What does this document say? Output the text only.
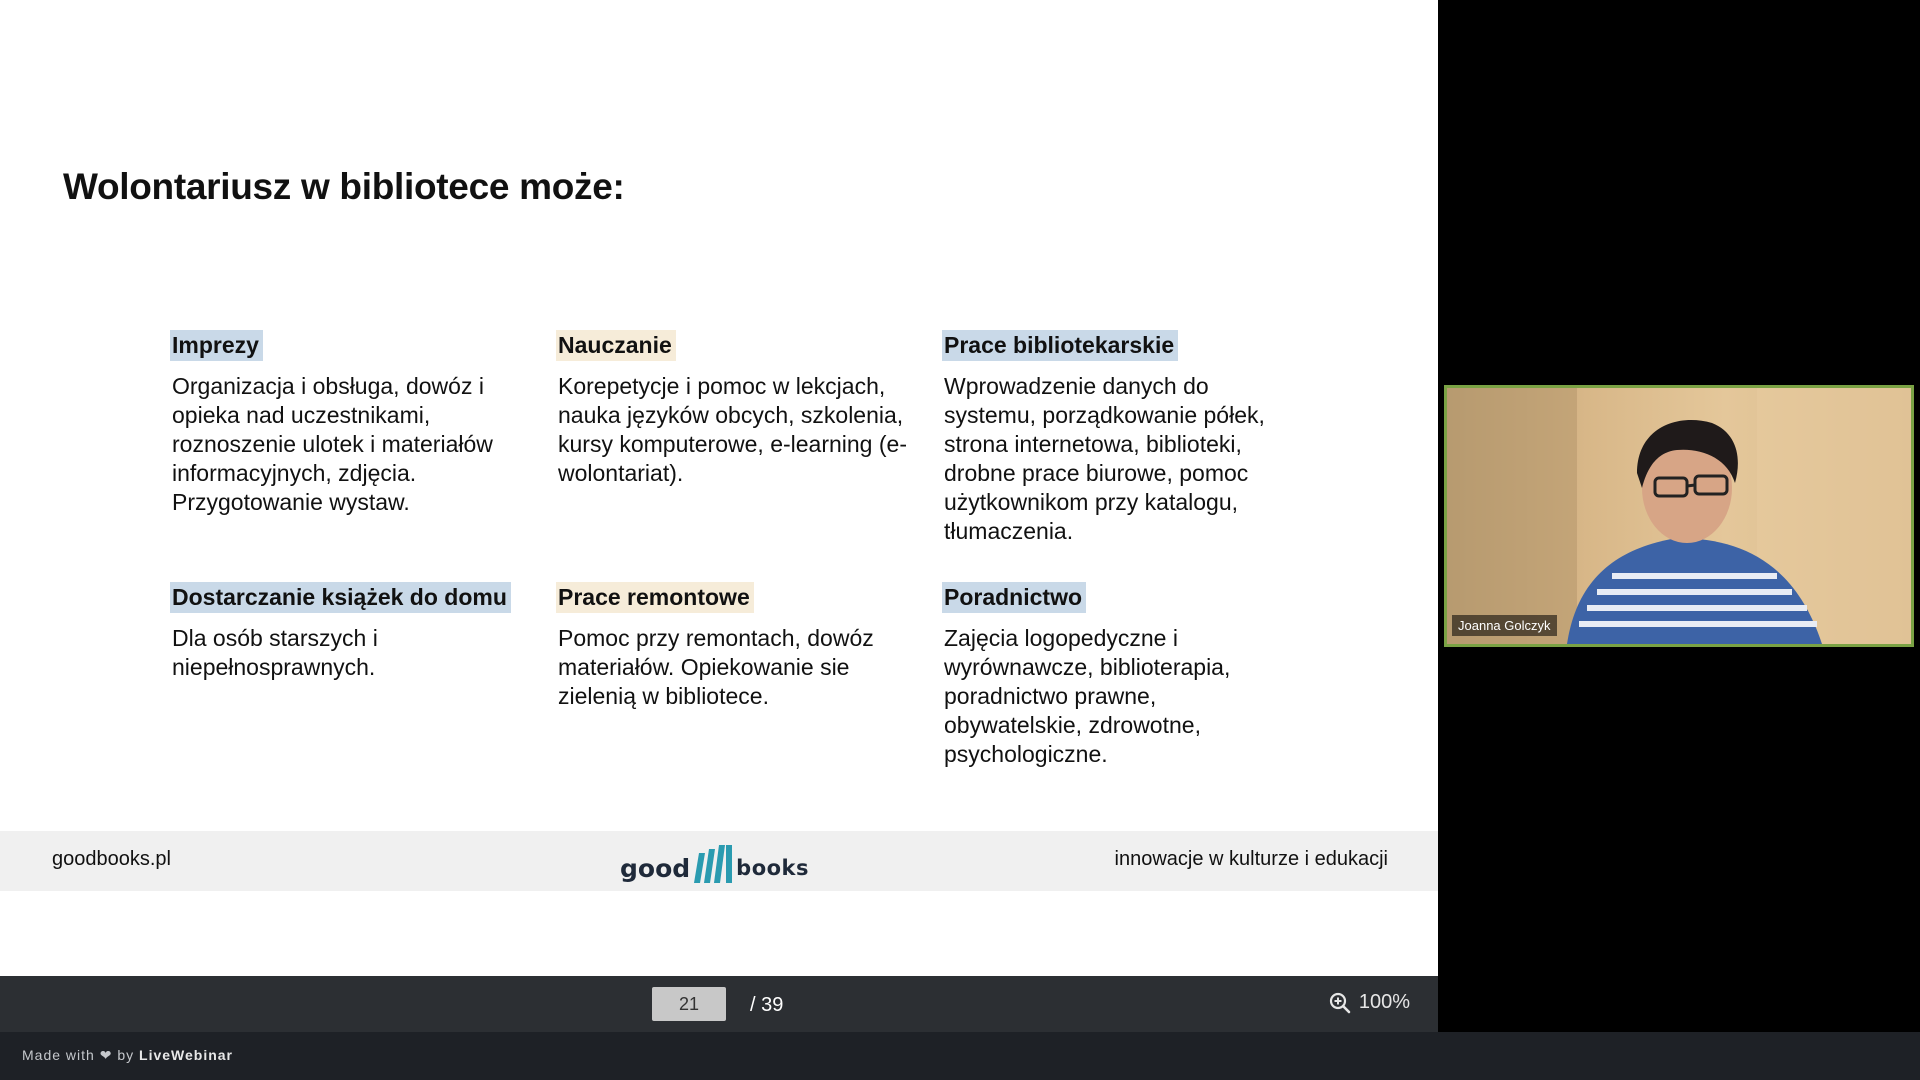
Wolontariusz w bibliotece może:
Imprezy
Organizacja i obsługa, dowóz i opieka nad uczestnikami, roznoszenie ulotek i materiałów informacyjnych, zdjęcia. Przygotowanie wystaw.
Nauczanie
Korepetycje i pomoc w lekcjach, nauka języków obcych, szkolenia, kursy komputerowe, e-learning (e-wolontariat).
Prace bibliotekarskie
Wprowadzenie danych do systemu, porządkowanie półek, strona internetowa, biblioteki, drobne prace biurowe, pomoc użytkownikom przy katalogu, tłumaczenia.
Dostarczanie książek do domu
Dla osób starszych i niepełnosprawnych.
Prace remontowe
Pomoc przy remontach, dowóz materiałów. Opiekowanie sie zielenią w bibliotece.
Poradnictwo
Zajęcia logopedyczne i wyrównawcze, biblioterapia, poradnictwo prawne, obywatelskie, zdrowotne, psychologiczne.
goodbooks.pl	good books	innowacje w kulturze i edukacji
21	/ 39	100%
Made with ❤ by LiveWebinar
Joanna Golczyk
